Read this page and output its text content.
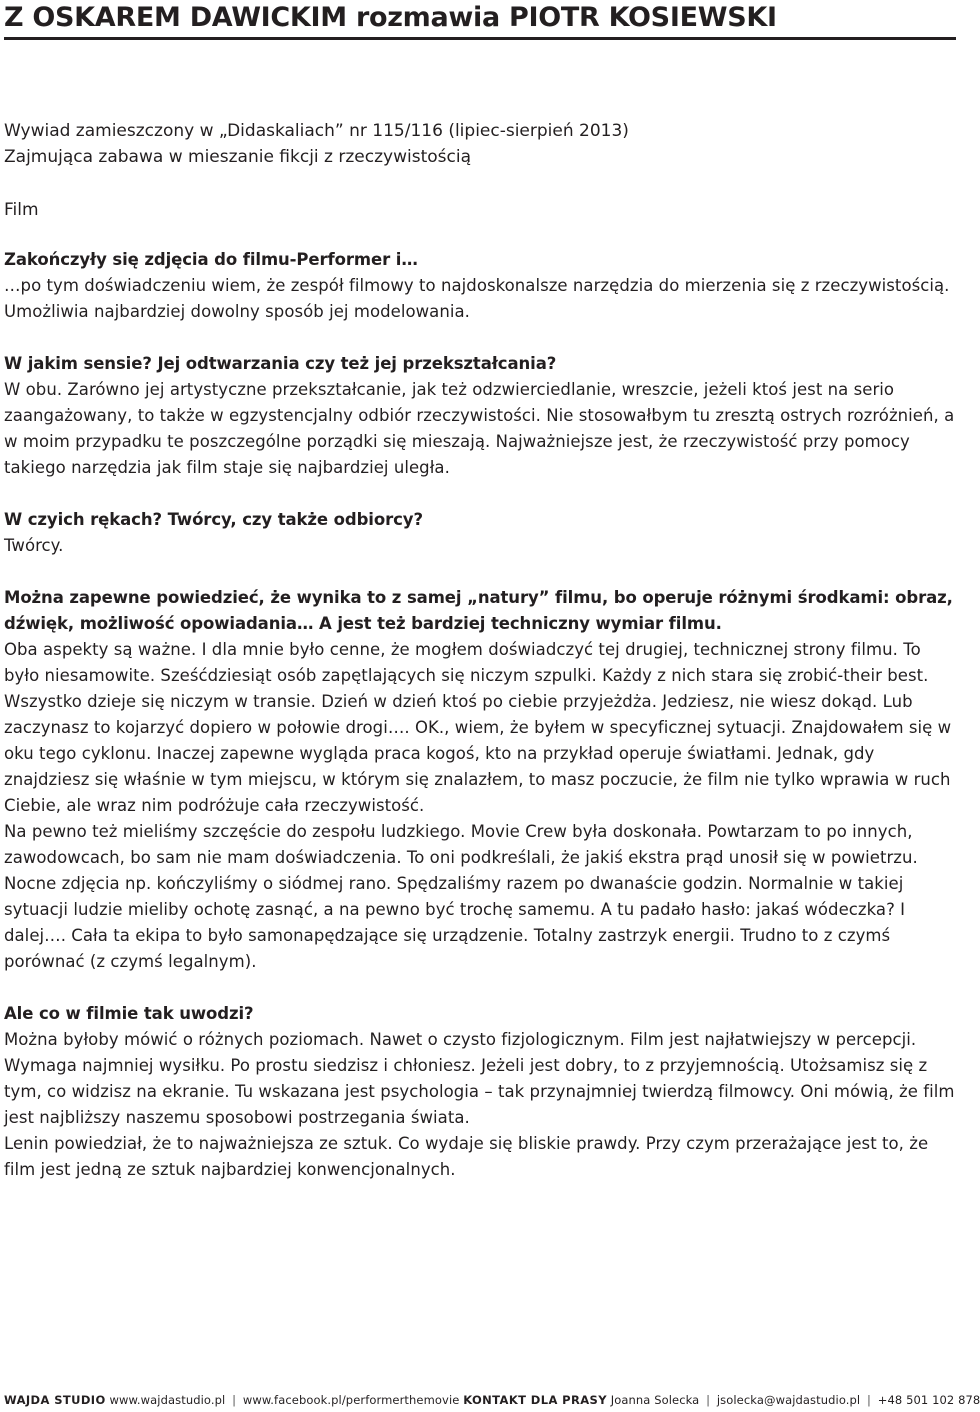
Z OSKAREM DAWICKIM rozmawia PIOTR KOSIEWSKI
Wywiad zamieszczony w „Didaskaliach” nr 115/116 (lipiec-sierpień 2013)
Zajmująca zabawa w mieszanie fikcji z rzeczywistością
Film

Zakończyły się zdjęcia do filmu-Performer i…

…po tym doświadczeniu wiem, że zespół filmowy to najdoskonalsze narzędzia do mierzenia się z rzeczywistością. Umożliwia najbardziej dowolny sposób jej modelowania.

W jakim sensie? Jej odtwarzania czy też jej przekształcania?

W obu. Zarówno jej artystyczne przekształcanie, jak też odzwierciedlanie, wreszcie, jeżeli ktoś jest na serio zaangażowany, to także w egzystencjalny odbiór rzeczywistości. Nie stosowałbym tu zresztą ostrych rozróżnień, a w moim przypadku te poszczególne porządki się mieszają. Najważniejsze jest, że rzeczywistość przy pomocy takiego narzędzia jak film staje się najbardziej uległa.

W czyich rękach? Twórcy, czy także odbiorcy?

Twórcy.

Można zapewne powiedzieć, że wynika to z samej „natury” filmu, bo operuje różnymi środkami: obraz, dźwięk, możliwość opowiadania… A jest też bardziej techniczny wymiar filmu.

Oba aspekty są ważne. I dla mnie było cenne, że mogłem doświadczyć tej drugiej, technicznej strony filmu. To było niesamowite. Sześćdziesiąt osób zapętlających się niczym szpulki. Każdy z nich stara się zrobić-their best. Wszystko dzieje się niczym w transie. Dzień w dzień ktoś po ciebie przyjeżdża. Jedziesz, nie wiesz dokąd. Lub zaczynasz to kojarzyć dopiero w połowie drogi…. OK., wiem, że byłem w specyficznej sytuacji. Znajdowałem się w oku tego cyklonu. Inaczej zapewne wygląda praca kogoś, kto na przykład operuje światłami. Jednak, gdy znajdziesz się właśnie w tym miejscu, w którym się znalazłem, to masz poczucie, że film nie tylko wprawia w ruch Ciebie, ale wraz nim podróżuje cała rzeczywistość.

Na pewno też mieliśmy szczęście do zespołu ludzkiego. Movie Crew była doskonała. Powtarzam to po innych, zawodowcach, bo sam nie mam doświadczenia. To oni podkreślali, że jakiś ekstra prąd unosił się w powietrzu. Nocne zdjęcia np. kończyliśmy o siódmej rano. Spędzaliśmy razem po dwanaście godzin. Normalnie w takiej sytuacji ludzie mieliby ochotę zasnąć, a na pewno być trochę samemu. A tu padało hasło: jakaś wódeczka? I dalej…. Cała ta ekipa to było samonapędzające się urządzenie. Totalny zastrzyk energii. Trudno to z czymś porównać (z czymś legalnym).

Ale co w filmie tak uwodzi?

Można byłoby mówić o różnych poziomach. Nawet o czysto fizjologicznym. Film jest najłatwiejszy w percepcji. Wymaga najmniej wysiłku. Po prostu siedzisz i chłoniesz. Jeżeli jest dobry, to z przyjemnością. Utożsamisz się z tym, co widzisz na ekranie. Tu wskazana jest psychologia – tak przynajmniej twierdzą filmowcy. Oni mówią, że film jest najbliższy naszemu sposobowi postrzegania świata.

Lenin powiedział, że to najważniejsza ze sztuk. Co wydaje się bliskie prawdy. Przy czym przerażające jest to, że film jest jedną ze sztuk najbardziej konwencjonalnych.

WAJDA STUDIO www.wajdastudio.pl | www.facebook.pl/performerthemovie KONTAKT DLA PRASY Joanna Solecka | jsolecka@wajdastudio.pl | +48 501 102 878
